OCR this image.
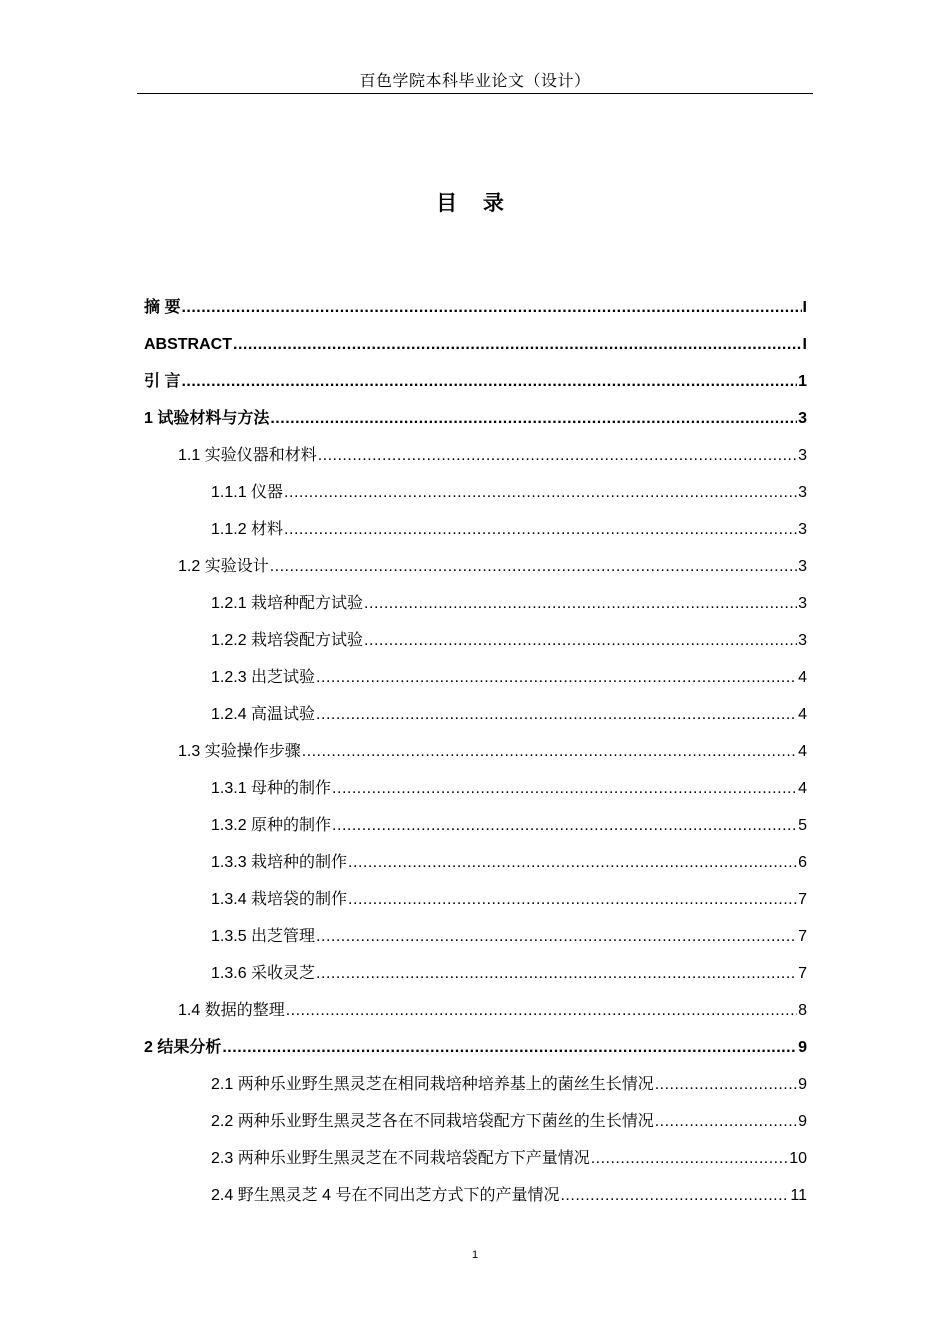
百色学院本科毕业论文（设计）
目 录
摘 要 .....	I
ABSTRACT .....	I
引 言 .....	1
1 试验材料与方法 .....	3
1.1 实验仪器和材料 .....	3
1.1.1 仪器 .....	3
1.1.2 材料 .....	3
1.2 实验设计 .....	3
1.2.1 栽培种配方试验 .....	3
1.2.2 栽培袋配方试验 .....	3
1.2.3 出芝试验 .....	4
1.2.4 高温试验 .....	4
1.3 实验操作步骤 .....	4
1.3.1 母种的制作 .....	4
1.3.2 原种的制作 .....	5
1.3.3 栽培种的制作 .....	6
1.3.4 栽培袋的制作 .....	7
1.3.5 出芝管理 .....	7
1.3.6 采收灵芝 .....	7
1.4 数据的整理 .....	8
2 结果分析 .....	9
2.1 两种乐业野生黑灵芝在相同栽培种培养基上的菌丝生长情况 .....	9
2.2 两种乐业野生黑灵芝各在不同栽培袋配方下菌丝的生长情况 .....	9
2.3 两种乐业野生黑灵芝在不同栽培袋配方下产量情况 .....	10
2.4 野生黑灵芝 4 号在不同出芝方式下的产量情况 .....	11
1
